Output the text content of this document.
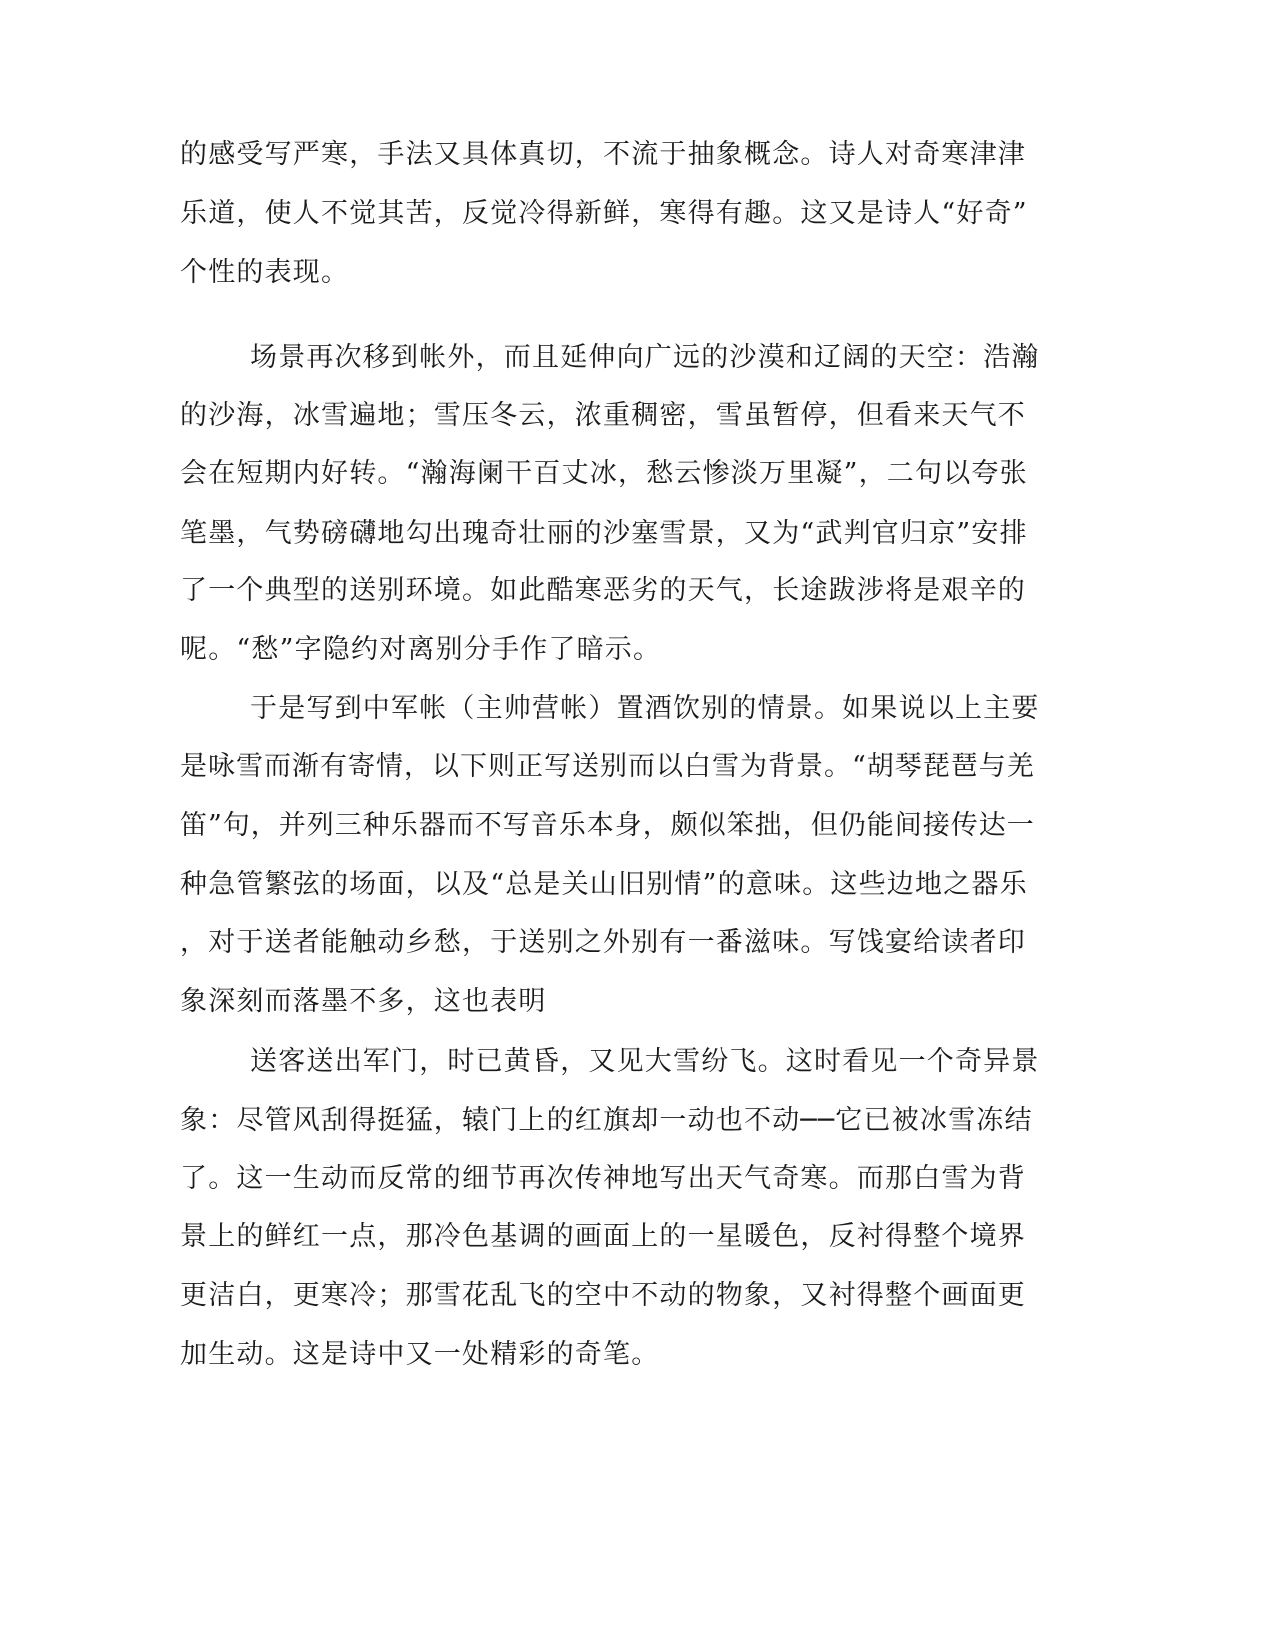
的感受写严寒，手法又具体真切，不流于抽象概念。诗人对奇寒津津
乐道，使人不觉其苦，反觉冷得新鲜，寒得有趣。这又是诗人“好奇”
个性的表现。
场景再次移到帐外，而且延伸向广远的沙漠和辽阔的天空：浩瀚
的沙海，冰雪遍地；雪压冬云，浓重稠密，雪虽暂停，但看来天气不
会在短期内好转。“瀚海阑干百丈冰，愁云惨淡万里凝”，二句以夸张
笔墨，气势磅礴地勾出瑰奇壮丽的沙塞雪景，又为“武判官归京”安排
了一个典型的送别环境。如此酷寒恶劣的天气，长途跋涉将是艰辛的
呢。“愁”字隐约对离别分手作了暗示。
于是写到中军帐（主帅营帐）置酒饮别的情景。如果说以上主要
是咏雪而渐有寄情，以下则正写送别而以白雪为背景。“胡琴琵琶与羌
笛”句，并列三种乐器而不写音乐本身，颇似笨拙，但仍能间接传达一
种急管繁弦的场面，以及“总是关山旧别情”的意味。这些边地之器乐
，对于送者能触动乡愁，于送别之外别有一番滋味。写饯宴给读者印
象深刻而落墨不多，这也表明
送客送出军门，时已黄昏，又见大雪纷飞。这时看见一个奇异景
象：尽管风刮得挺猛，辕门上的红旗却一动也不动──它已被冰雪冻结
了。这一生动而反常的细节再次传神地写出天气奇寒。而那白雪为背
景上的鲜红一点，那冷色基调的画面上的一星暖色，反衬得整个境界
更洁白，更寒冷；那雪花乱飞的空中不动的物象，又衬得整个画面更
加生动。这是诗中又一处精彩的奇笔。
